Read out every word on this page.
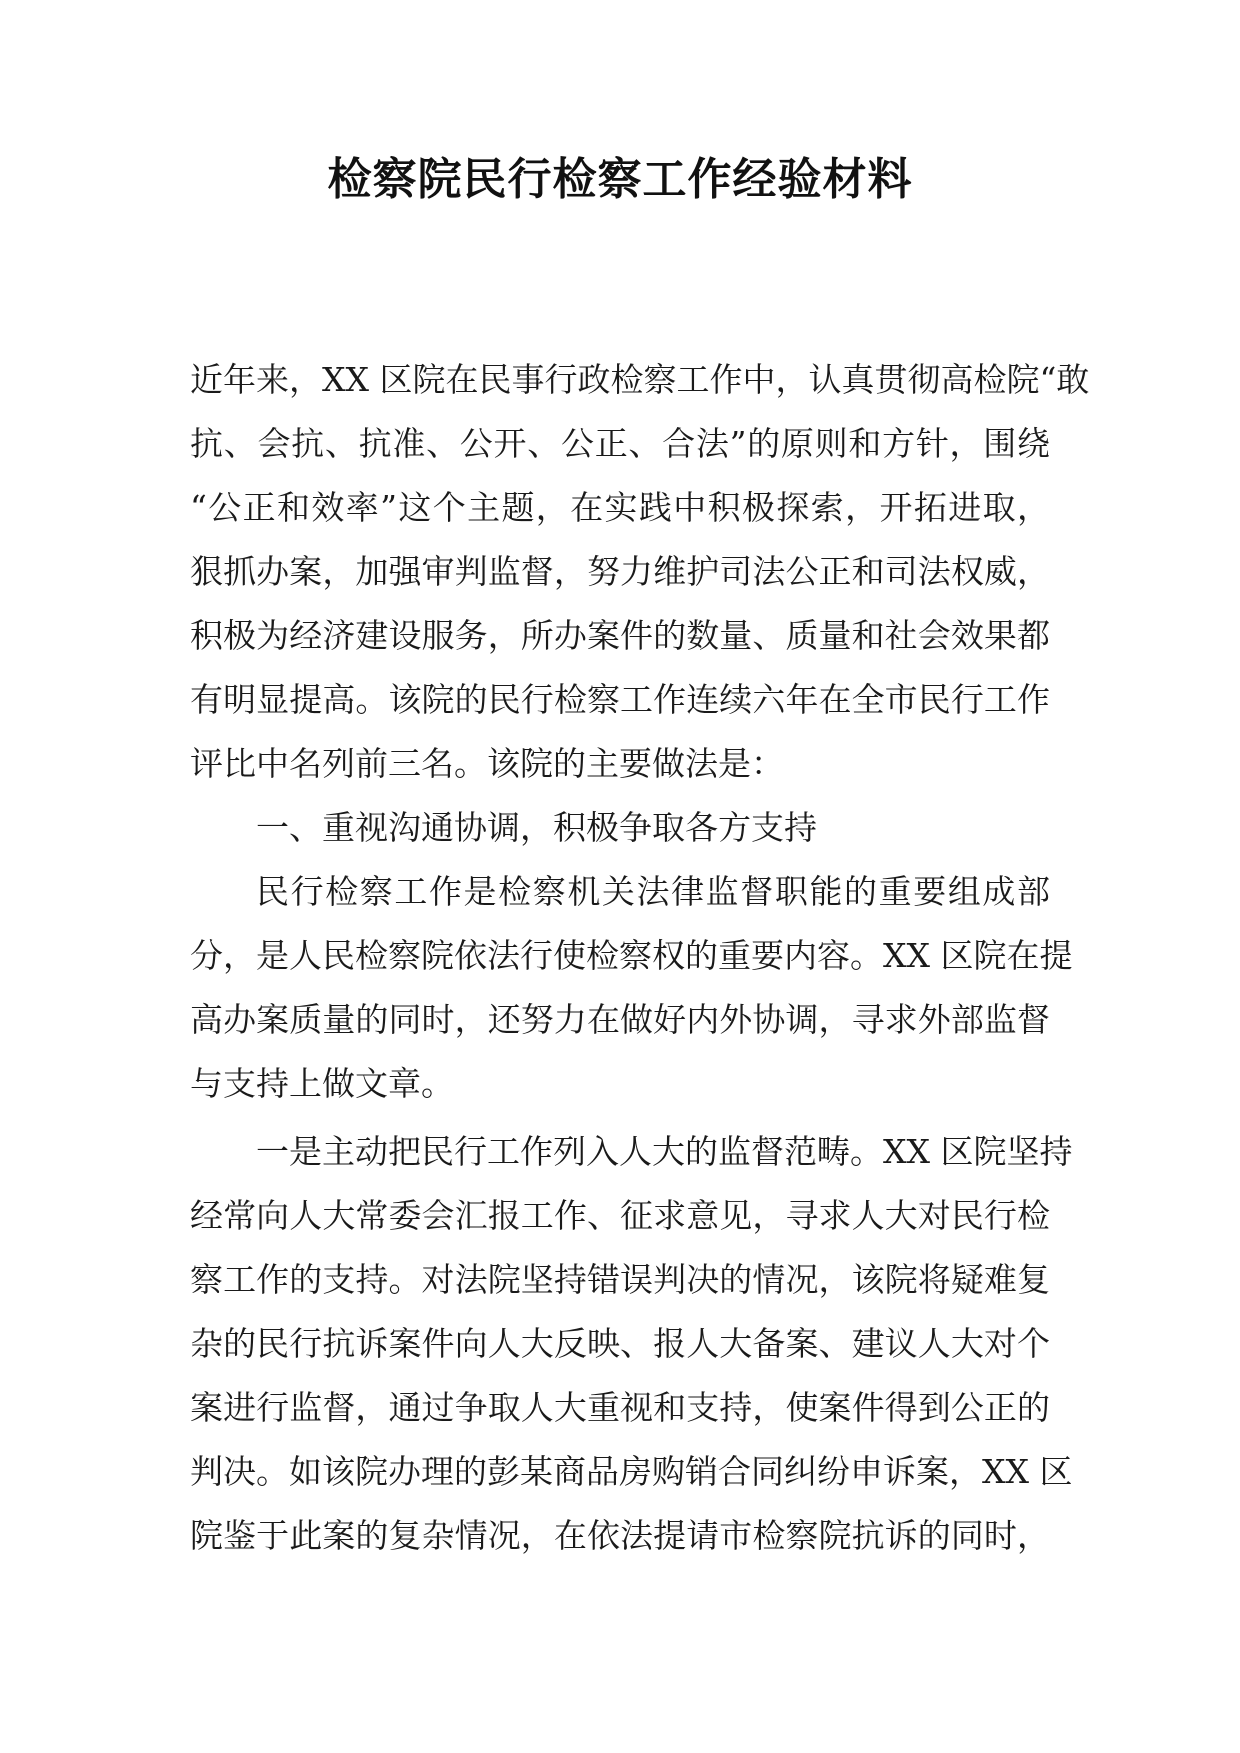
检察院民行检察工作经验材料
近年来，XX 区院在民事行政检察工作中，认真贯彻高检院“敢
抗、会抗、抗准、公开、公正、合法”的原则和方针，围绕
“公正和效率”这个主题，在实践中积极探索，开拓进取，
狠抓办案，加强审判监督，努力维护司法公正和司法权威，
积极为经济建设服务，所办案件的数量、质量和社会效果都
有明显提高。该院的民行检察工作连续六年在全市民行工作
评比中名列前三名。该院的主要做法是：
一、重视沟通协调，积极争取各方支持
民行检察工作是检察机关法律监督职能的重要组成部
分，是人民检察院依法行使检察权的重要内容。XX 区院在提
高办案质量的同时，还努力在做好内外协调，寻求外部监督
与支持上做文章。
一是主动把民行工作列入人大的监督范畴。XX 区院坚持
经常向人大常委会汇报工作、征求意见，寻求人大对民行检
察工作的支持。对法院坚持错误判决的情况，该院将疑难复
杂的民行抗诉案件向人大反映、报人大备案、建议人大对个
案进行监督，通过争取人大重视和支持，使案件得到公正的
判决。如该院办理的彭某商品房购销合同纠纷申诉案，XX 区
院鉴于此案的复杂情况，在依法提请市检察院抗诉的同时，
